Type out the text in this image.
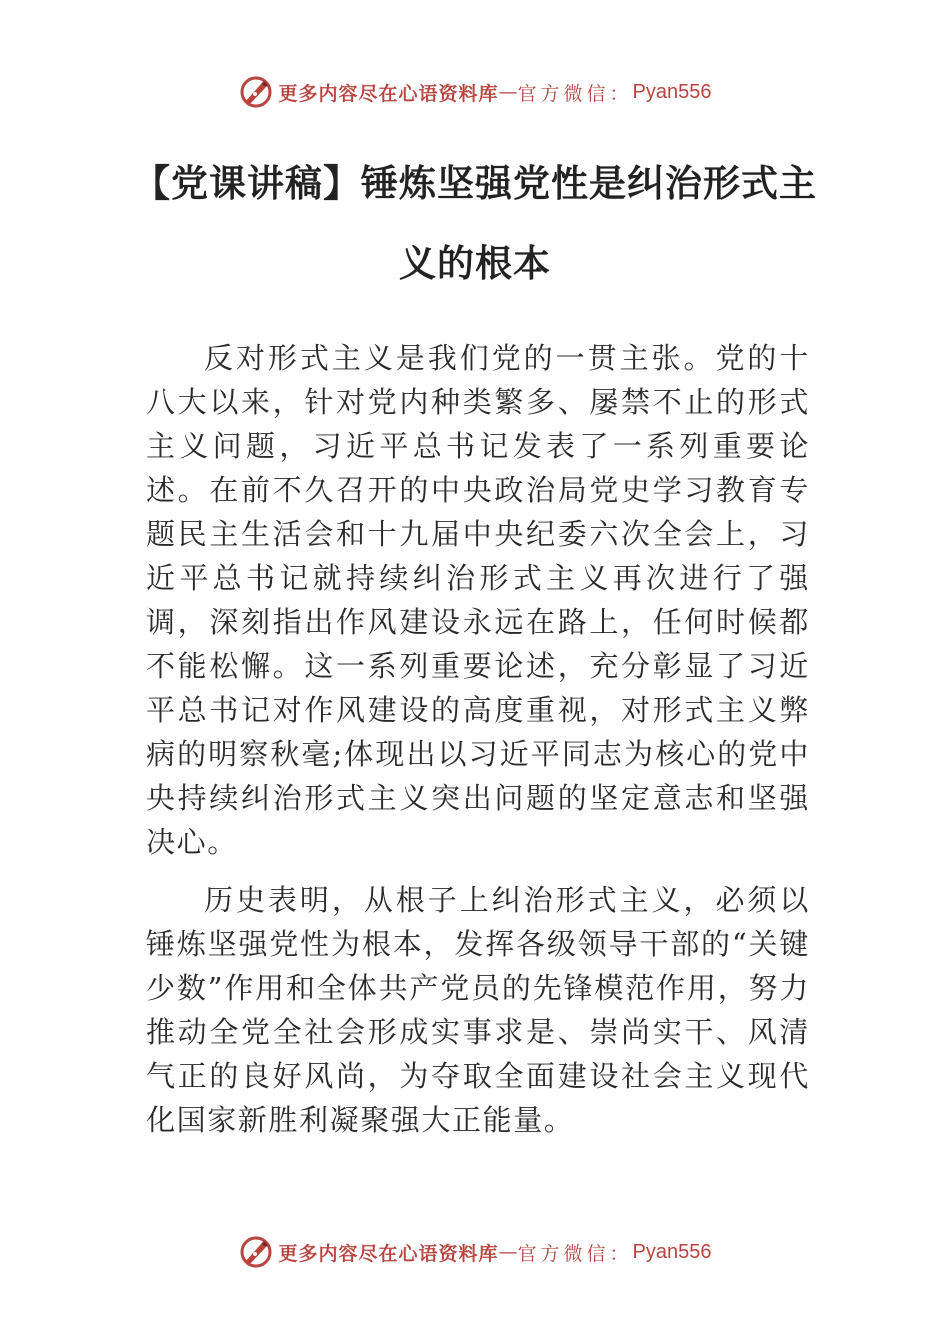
更多内容尽在心语资料库 — 官方微信： Pyan556
【党课讲稿】锤炼坚强党性是纠治形式主义的根本

反对形式主义是我们党的一贯主张。党的十八大以来，针对党内种类繁多、屡禁不止的形式主义问题，习近平总书记发表了一系列重要论述。在前不久召开的中央政治局党史学习教育专题民主生活会和十九届中央纪委六次全会上，习近平总书记就持续纠治形式主义再次进行了强调，深刻指出作风建设永远在路上，任何时候都不能松懈。这一系列重要论述，充分彰显了习近平总书记对作风建设的高度重视，对形式主义弊病的明察秋毫;体现出以习近平同志为核心的党中央持续纠治形式主义突出问题的坚定意志和坚强决心。

历史表明，从根子上纠治形式主义，必须以锤炼坚强党性为根本，发挥各级领导干部的“关键少数”作用和全体共产党员的先锋模范作用，努力推动全党全社会形成实事求是、崇尚实干、风清气正的良好风尚，为夺取全面建设社会主义现代化国家新胜利凝聚强大正能量。

更多内容尽在心语资料库 — 官方微信： Pyan556
